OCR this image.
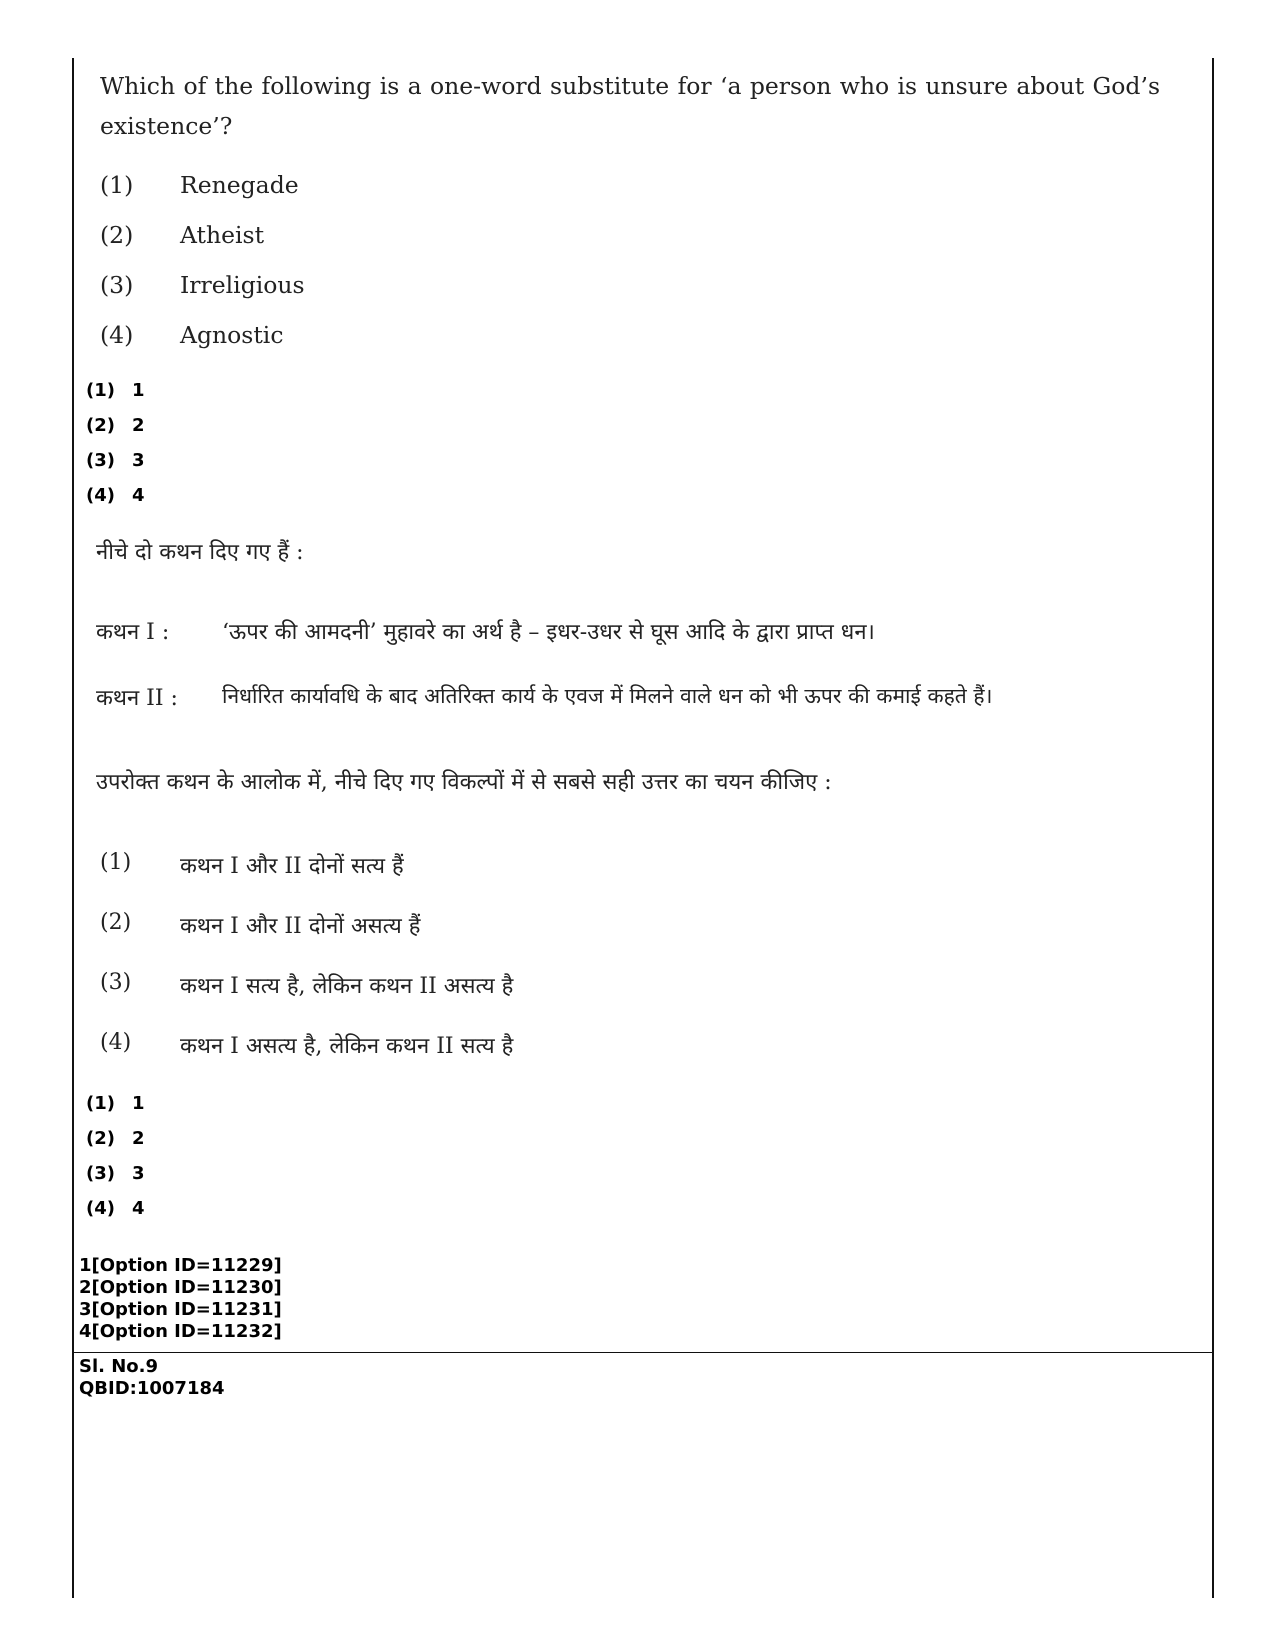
Which of the following is a one-word substitute for ‘a person who is unsure about God’s existence’?
(1)	Renegade
(2)	Atheist
(3)	Irreligious
(4)	Agnostic
(1) 1
(2) 2
(3) 3
(4) 4
नीचे दो कथन दिए गए हैं :
कथन I : ‘ऊपर की आमदनी’ मुहावरे का अर्थ है – इधर-उधर से घूस आदि के द्वारा प्राप्त धन।
कथन II : निर्धारित कार्यावधि के बाद अतिरिक्त कार्य के एवज में मिलने वाले धन को भी ऊपर की कमाई कहते हैं।
उपरोक्त कथन के आलोक में, नीचे दिए गए विकल्पों में से सबसे सही उत्तर का चयन कीजिए :
(1)	कथन I और II दोनों सत्य हैं
(2)	कथन I और II दोनों असत्य हैं
(3)	कथन I सत्य है, लेकिन कथन II असत्य है
(4)	कथन I असत्य है, लेकिन कथन II सत्य है
(1) 1
(2) 2
(3) 3
(4) 4
1[Option ID=11229]
2[Option ID=11230]
3[Option ID=11231]
4[Option ID=11232]
Sl. No.9
QBID:1007184
